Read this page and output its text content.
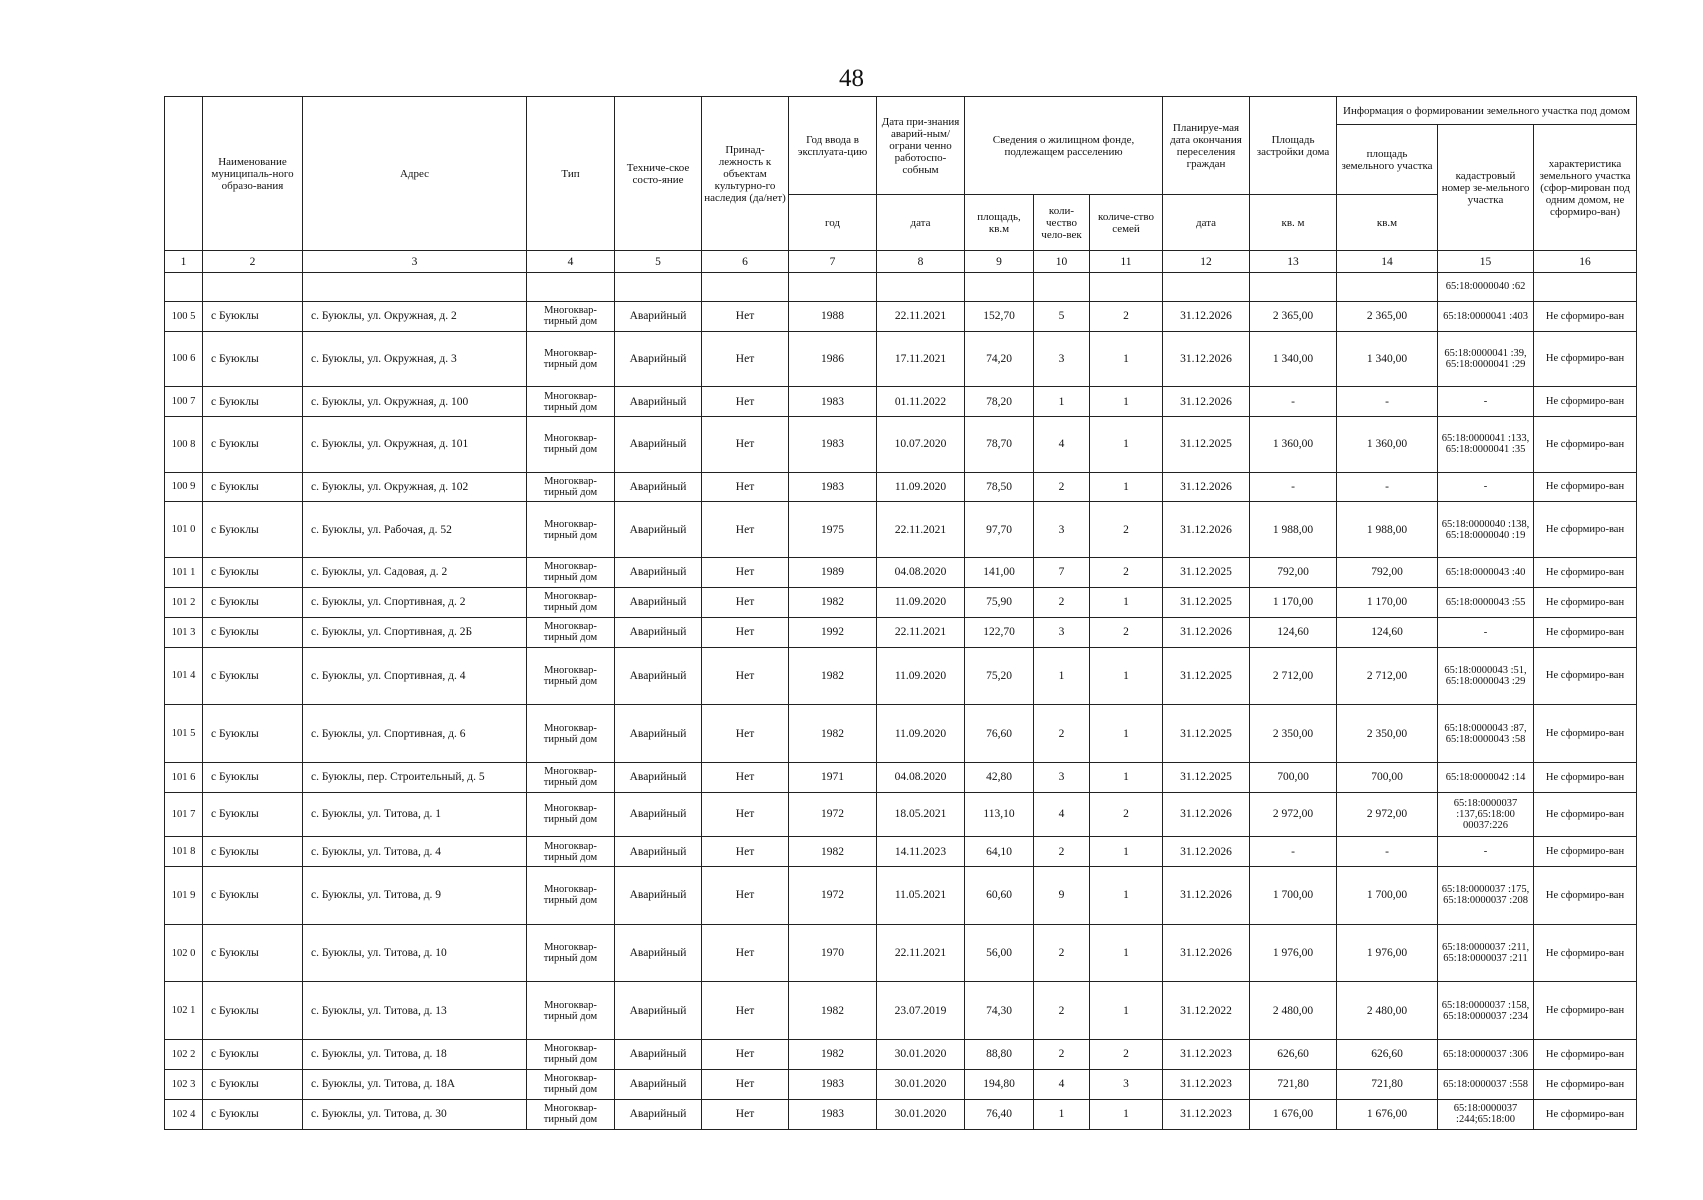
48
	Наименование муниципаль-ного образо-вания	Адрес	Тип	Техниче-ское состо-яние	Принад-лежность к объектам культурно-го наследия (да/нет)	Год ввода в эксплуата-цию	Дата при-знания аварий-ным/ограни ченно работоспо-собным	Сведения о жилищном фонде, подлежащем расселению			Планируе-мая дата окончания переселения граждан	Площадь застройки дома	Информация о формировании земельного участка под домом		
													площадь земельного участка	кадастровый номер зе-мельного участка	характеристика земельного участка (сфор-мирован под одним домом, не сформиро-ван)
						год	дата	площадь, кв.м	коли-чество чело-век	количе-ство семей	дата	кв. м	кв.м		
1	2	3	4	5	6	7	8	9	10	11	12	13	14	15	16
														65:18:0000040 :62	
100 5	с Буюклы	с. Буюклы, ул. Окружная, д. 2	Многоквар-тирный дом	Аварийный	Нет	1988	22.11.2021	152,70	5	2	31.12.2026	2 365,00	2 365,00	65:18:0000041 :403	Не сформиро-ван
100 6	с Буюклы	с. Буюклы, ул. Окружная, д. 3	Многоквар-тирный дом	Аварийный	Нет	1986	17.11.2021	74,20	3	1	31.12.2026	1 340,00	1 340,00	65:18:0000041 :39, 65:18:0000041 :29	Не сформиро-ван
100 7	с Буюклы	с. Буюклы, ул. Окружная, д. 100	Многоквар-тирный дом	Аварийный	Нет	1983	01.11.2022	78,20	1	1	31.12.2026	-	-	-	Не сформиро-ван
100 8	с Буюклы	с. Буюклы, ул. Окружная, д. 101	Многоквар-тирный дом	Аварийный	Нет	1983	10.07.2020	78,70	4	1	31.12.2025	1 360,00	1 360,00	65:18:0000041 :133, 65:18:0000041 :35	Не сформиро-ван
100 9	с Буюклы	с. Буюклы, ул. Окружная, д. 102	Многоквар-тирный дом	Аварийный	Нет	1983	11.09.2020	78,50	2	1	31.12.2026	-	-	-	Не сформиро-ван
101 0	с Буюклы	с. Буюклы, ул. Рабочая, д. 52	Многоквар-тирный дом	Аварийный	Нет	1975	22.11.2021	97,70	3	2	31.12.2026	1 988,00	1 988,00	65:18:0000040 :138, 65:18:0000040 :19	Не сформиро-ван
101 1	с Буюклы	с. Буюклы, ул. Садовая, д. 2	Многоквар-тирный дом	Аварийный	Нет	1989	04.08.2020	141,00	7	2	31.12.2025	792,00	792,00	65:18:0000043 :40	Не сформиро-ван
101 2	с Буюклы	с. Буюклы, ул. Спортивная, д. 2	Многоквар-тирный дом	Аварийный	Нет	1982	11.09.2020	75,90	2	1	31.12.2025	1 170,00	1 170,00	65:18:0000043 :55	Не сформиро-ван
101 3	с Буюклы	с. Буюклы, ул. Спортивная, д. 2Б	Многоквар-тирный дом	Аварийный	Нет	1992	22.11.2021	122,70	3	2	31.12.2026	124,60	124,60	-	Не сформиро-ван
101 4	с Буюклы	с. Буюклы, ул. Спортивная, д. 4	Многоквар-тирный дом	Аварийный	Нет	1982	11.09.2020	75,20	1	1	31.12.2025	2 712,00	2 712,00	65:18:0000043 :51, 65:18:0000043 :29	Не сформиро-ван
101 5	с Буюклы	с. Буюклы, ул. Спортивная, д. 6	Многоквар-тирный дом	Аварийный	Нет	1982	11.09.2020	76,60	2	1	31.12.2025	2 350,00	2 350,00	65:18:0000043 :87, 65:18:0000043 :58	Не сформиро-ван
101 6	с Буюклы	с. Буюклы, пер. Строительный, д. 5	Многоквар-тирный дом	Аварийный	Нет	1971	04.08.2020	42,80	3	1	31.12.2025	700,00	700,00	65:18:0000042 :14	Не сформиро-ван
101 7	с Буюклы	с. Буюклы, ул. Титова, д. 1	Многоквар-тирный дом	Аварийный	Нет	1972	18.05.2021	113,10	4	2	31.12.2026	2 972,00	2 972,00	65:18:0000037 :137,65:18:00 00037:226	Не сформиро-ван
101 8	с Буюклы	с. Буюклы, ул. Титова, д. 4	Многоквар-тирный дом	Аварийный	Нет	1982	14.11.2023	64,10	2	1	31.12.2026	-	-	-	Не сформиро-ван
101 9	с Буюклы	с. Буюклы, ул. Титова, д. 9	Многоквар-тирный дом	Аварийный	Нет	1972	11.05.2021	60,60	9	1	31.12.2026	1 700,00	1 700,00	65:18:0000037 :175, 65:18:0000037 :208	Не сформиро-ван
102 0	с Буюклы	с. Буюклы, ул. Титова, д. 10	Многоквар-тирный дом	Аварийный	Нет	1970	22.11.2021	56,00	2	1	31.12.2026	1 976,00	1 976,00	65:18:0000037 :211, 65:18:0000037 :211	Не сформиро-ван
102 1	с Буюклы	с. Буюклы, ул. Титова, д. 13	Многоквар-тирный дом	Аварийный	Нет	1982	23.07.2019	74,30	2	1	31.12.2022	2 480,00	2 480,00	65:18:0000037 :158, 65:18:0000037 :234	Не сформиро-ван
102 2	с Буюклы	с. Буюклы, ул. Титова, д. 18	Многоквар-тирный дом	Аварийный	Нет	1982	30.01.2020	88,80	2	2	31.12.2023	626,60	626,60	65:18:0000037 :306	Не сформиро-ван
102 3	с Буюклы	с. Буюклы, ул. Титова, д. 18А	Многоквар-тирный дом	Аварийный	Нет	1983	30.01.2020	194,80	4	3	31.12.2023	721,80	721,80	65:18:0000037 :558	Не сформиро-ван
102 4	с Буюклы	с. Буюклы, ул. Титова, д. 30	Многоквар-тирный дом	Аварийный	Нет	1983	30.01.2020	76,40	1	1	31.12.2023	1 676,00	1 676,00	65:18:0000037 :244;65:18:00	Не сформиро-ван
